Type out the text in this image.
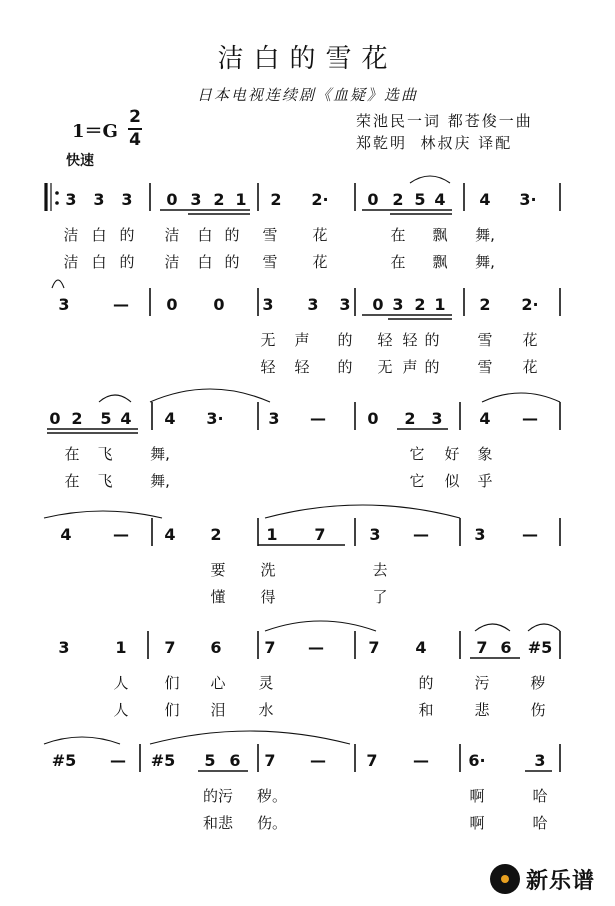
洁白的雪花
日本电视连续剧《血疑》选曲
1＝G
2
4
快速
荣池民一词 都苍俊一曲
郑乾明  林叔庆 译配
3 3 3 0 3 2 1 2 2· 0 2 5 4 4 3·
洁 白 的 洁 白 的 雪 花	在 飘 舞,
洁 白 的 洁 白 的 雪 花	在 飘 舞,
3	— 0 0 3 3 3 0 3 2 1 2 2·
无 声 的 轻 轻 的	雪 花
轻 轻 的 无 声 的	雪 花
0 2 5 4 4 3·	3 —	0 2 3 4 —
在 飞	舞,	它 好 象
在 飞	舞,	它 似 乎
4	— 4 2	1 7	3 —	3 —
要 洗	去
懂 得	了
3	1 7 6	7 —	7 4	7 6 #5
人 们 心 灵	的	污	秽
人 们 泪 水	和	悲	伤
#5 — #5 5 6 7 —	7 — 6·	3
的污 秽。	啊	哈
和悲 伤。	啊	哈
新乐谱
